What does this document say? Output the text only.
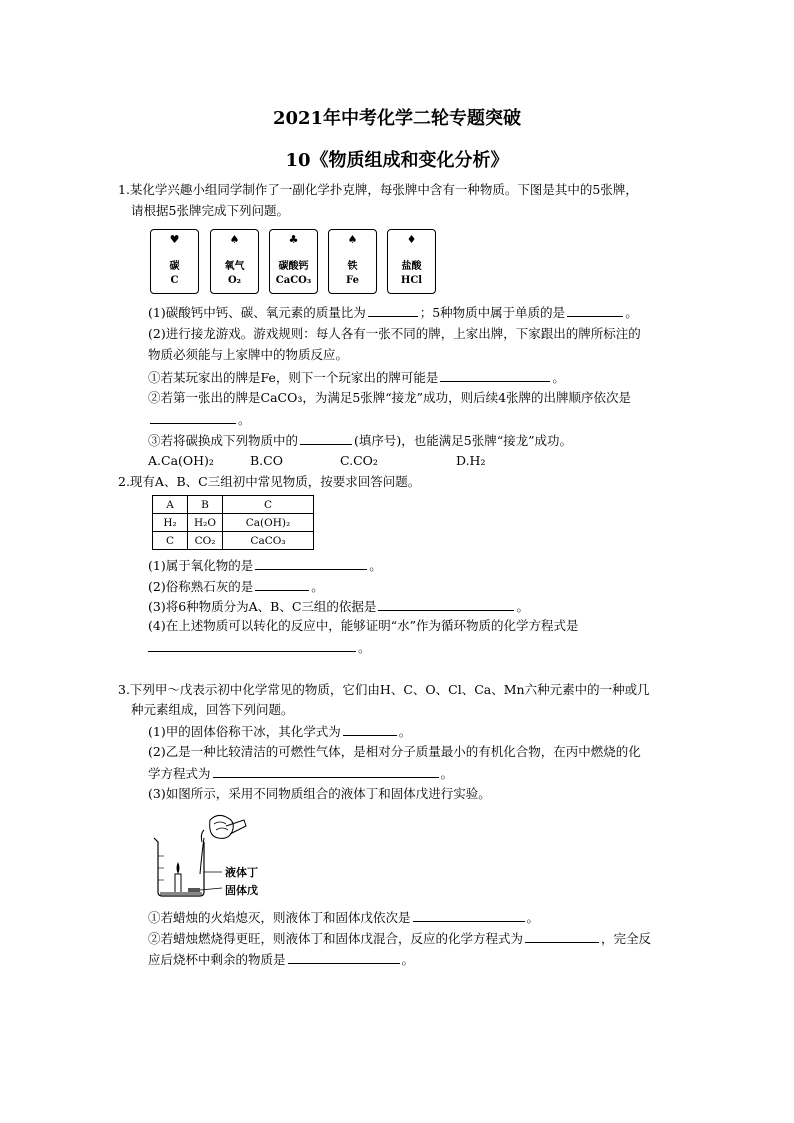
2021年中考化学二轮专题突破
10《物质组成和变化分析》
1.某化学兴趣小组同学制作了一副化学扑克牌，每张牌中含有一种物质。下图是其中的5张牌，
请根据5张牌完成下列问题。
♥
碳
C
♠
氧气
O₂
♣
碳酸钙
CaCO₃
♠
铁
Fe
♦
盐酸
HCl
(1)碳酸钙中钙、碳、氧元素的质量比为	；5种物质中属于单质的是	。
(2)进行接龙游戏。游戏规则：每人各有一张不同的牌，上家出牌，下家跟出的牌所标注的
物质必须能与上家牌中的物质反应。
①若某玩家出的牌是Fe，则下一个玩家出的牌可能是	。
②若第一张出的牌是CaCO₃，为满足5张牌“接龙”成功，则后续4张牌的出牌顺序依次是
。
③若将碳换成下列物质中的	(填序号)，也能满足5张牌“接龙”成功。
A.Ca(OH)₂	B.CO	C.CO₂	D.H₂
2.现有A、B、C三组初中常见物质，按要求回答问题。
A	B	C
H₂	H₂O	Ca(OH)₂
C	CO₂	CaCO₃
(1)属于氧化物的是	。
(2)俗称熟石灰的是	。
(3)将6种物质分为A、B、C三组的依据是	。
(4)在上述物质可以转化的反应中，能够证明“水”作为循环物质的化学方程式是
。
3.下列甲～戊表示初中化学常见的物质，它们由H、C、O、Cl、Ca、Mn六种元素中的一种或几
种元素组成，回答下列问题。
(1)甲的固体俗称干冰，其化学式为	。
(2)乙是一种比较清洁的可燃性气体，是相对分子质量最小的有机化合物，在丙中燃烧的化
学方程式为	。
(3)如图所示，采用不同物质组合的液体丁和固体戊进行实验。
液体丁
固体戊
①若蜡烛的火焰熄灭，则液体丁和固体戊依次是	。
②若蜡烛燃烧得更旺，则液体丁和固体戊混合，反应的化学方程式为	，完全反
应后烧杯中剩余的物质是	。
